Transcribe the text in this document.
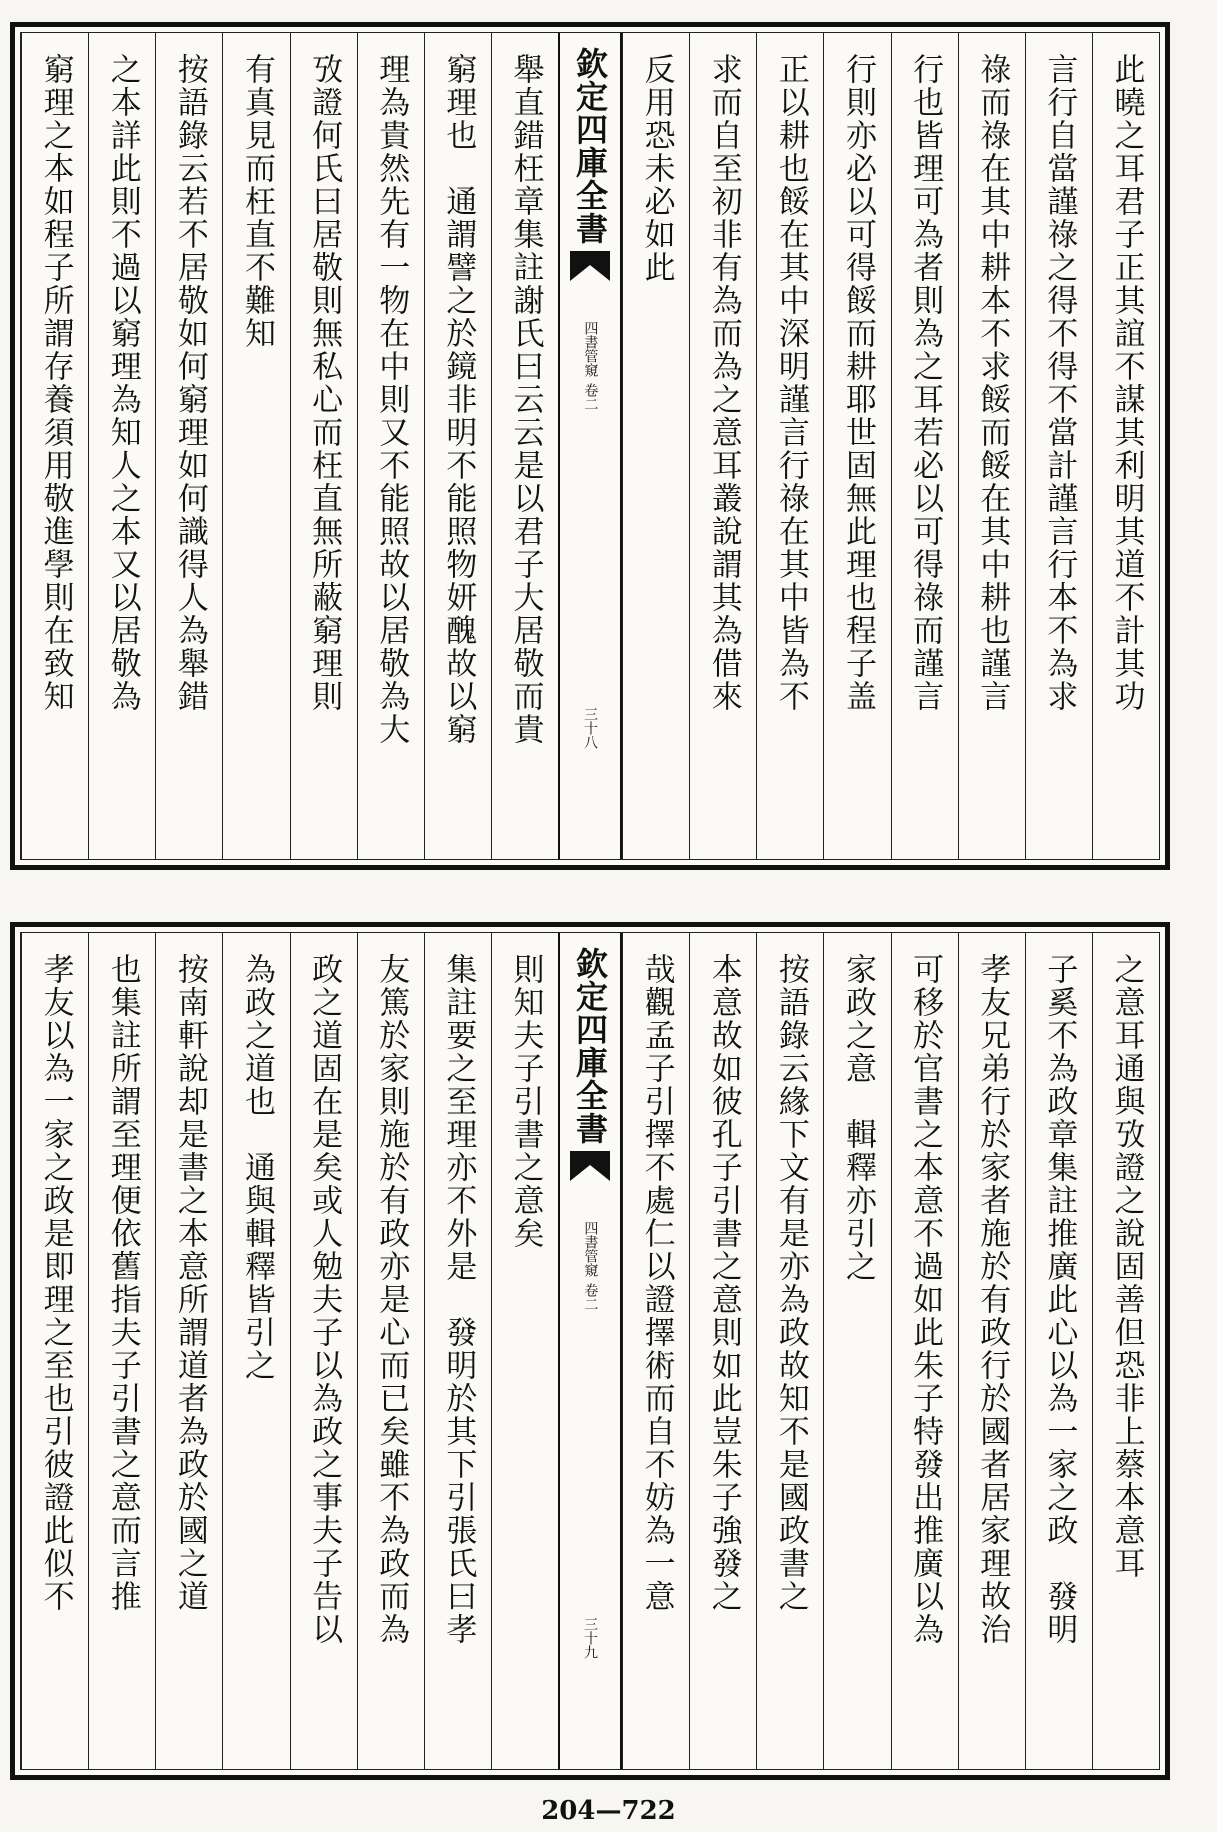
此曉之耳君子正其誼不謀其利明其道不計其功
言行自當謹祿之得不得不當計謹言行本不為求
祿而祿在其中耕本不求餒而餒在其中耕也謹言
行也皆理可為者則為之耳若必以可得祿而謹言
行則亦必以可得餒而耕耶世固無此理也程子盖
正以耕也餒在其中深明謹言行祿在其中皆為不
求而自至初非有為而為之意耳叢說謂其為借來
反用恐未必如此
欽定四庫全書
四書管窺
卷二
三十八
舉直錯枉章集註謝氏曰云云是以君子大居敬而貴
窮理也　通謂譬之於鏡非明不能照物妍醜故以窮
理為貴然先有一物在中則又不能照故以居敬為大
攷證何氏曰居敬則無私心而枉直無所蔽窮理則
有真見而枉直不難知
按語錄云若不居敬如何窮理如何識得人為舉錯
之本詳此則不過以窮理為知人之本又以居敬為
窮理之本如程子所謂存養須用敬進學則在致知
之意耳通與攷證之說固善但恐非上蔡本意耳
子奚不為政章集註推廣此心以為一家之政　發明
孝友兄弟行於家者施於有政行於國者居家理故治
可移於官書之本意不過如此朱子特發出推廣以為
家政之意　輯釋亦引之
按語錄云緣下文有是亦為政故知不是國政書之
本意故如彼孔子引書之意則如此豈朱子強發之
哉觀孟子引擇不處仁以證擇術而自不妨為一意
欽定四庫全書
四書管窺
卷二
三十九
則知夫子引書之意矣
集註要之至理亦不外是　發明於其下引張氏曰孝
友篤於家則施於有政亦是心而已矣雖不為政而為
政之道固在是矣或人勉夫子以為政之事夫子告以
為政之道也　通與輯釋皆引之
按南軒說却是書之本意所謂道者為政於國之道
也集註所謂至理便依舊指夫子引書之意而言推
孝友以為一家之政是即理之至也引彼證此似不
204—722
